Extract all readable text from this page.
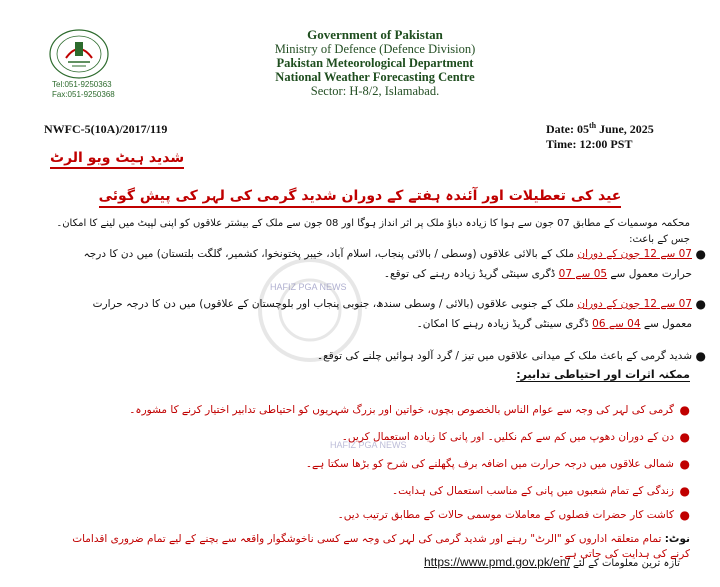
Tel:051-9250363
Fax:051-9250368
Government of Pakistan
Ministry of Defence (Defence Division)
Pakistan Meteorological Department
National Weather Forecasting Centre
Sector: H-8/2, Islamabad.
NWFC-5(10A)/2017/119	Date: 05th June, 2025
Time: 12:00 PST
شدید ہیٹ ویو الرٹ
عید کی تعطیلات اور آئندہ ہفتے کے دوران شدید گرمی کی لہر کی پیش گوئی
HAFIZ PGA NEWS
HAFIZ PGA NEWS
محکمہ موسمیات کے مطابق 07 جون سے ہوا کا زیادہ دباؤ ملک پر اثر انداز ہوگا اور 08 جون سے ملک کے بیشتر علاقوں کو اپنی لپیٹ میں لینے کا امکان۔ جس کے باعث:
●
07 سے 12 جون کے دوران ملک کے بالائی علاقوں (وسطی / بالائی پنجاب، اسلام آباد، خیبر پختونخوا، کشمیر، گلگت بلتستان) میں دن کا درجہ حرارت معمول سے 05 سے 07 ڈگری سینٹی گریڈ زیادہ رہنے کی توقع۔
●
07 سے 12 جون کے دوران ملک کے جنوبی علاقوں (بالائی / وسطی سندھ، جنوبی پنجاب اور بلوچستان کے علاقوں) میں دن کا درجہ حرارت معمول سے 04 سے 06 ڈگری سینٹی گریڈ زیادہ رہنے کا امکان۔
●
شدید گرمی کے باعث ملک کے میدانی علاقوں میں تیز / گرد آلود ہوائیں چلنے کی توقع۔
ممکنہ اثرات اور احتیاطی تدابیر:
●
گرمی کی لہر کی وجہ سے عوام الناس بالخصوص بچوں، خواتین اور بزرگ شہریوں کو احتیاطی تدابیر اختیار کرنے کا مشورہ۔
●
دن کے دوران دھوپ میں کم سے کم نکلیں۔ اور پانی کا زیادہ استعمال کریں۔
●
شمالی علاقوں میں درجہ حرارت میں اضافہ برف پگھلنے کی شرح کو بڑھا سکتا ہے۔
●
زندگی کے تمام شعبوں میں پانی کے مناسب استعمال کی ہدایت۔
●
کاشت کار حضرات فصلوں کے معاملات موسمی حالات کے مطابق ترتیب دیں۔
نوٹ: تمام متعلقہ اداروں کو "الرٹ" رہنے اور شدید گرمی کی لہر کی وجہ سے کسی ناخوشگوار واقعہ سے بچنے کے لیے تمام ضروری اقدامات کرنے کی ہدایت کی جاتی ہے۔
تازہ ترین معلومات کے لئے https://www.pmd.gov.pk/en/
